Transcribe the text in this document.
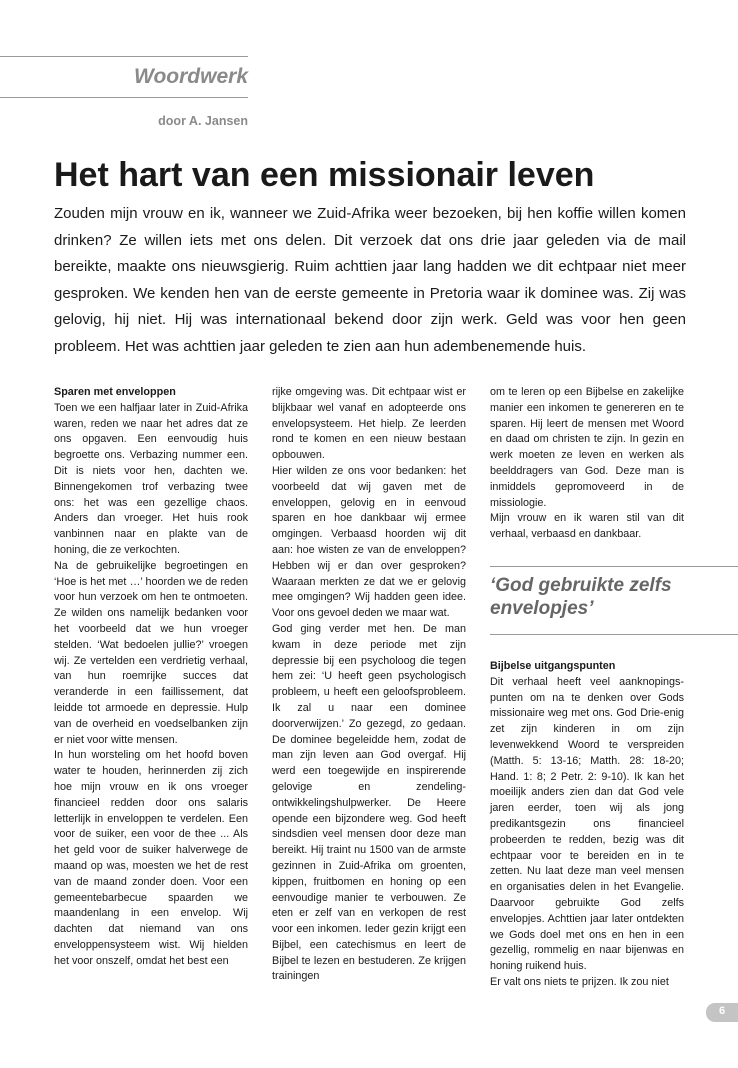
Woordwerk
door A. Jansen
Het hart van een missionair leven

Zouden mijn vrouw en ik, wanneer we Zuid-Afrika weer bezoeken, bij hen koffie willen komen drinken? Ze willen iets met ons delen. Dit verzoek dat ons drie jaar geleden via de mail bereikte, maakte ons nieuwsgierig. Ruim achttien jaar lang hadden we dit echtpaar niet meer gesproken. We kenden hen van de eerste gemeente in Pretoria waar ik dominee was. Zij was gelovig, hij niet. Hij was internationaal bekend door zijn werk. Geld was voor hen geen probleem. Het was achttien jaar geleden te zien aan hun adembenemende huis.

Sparen met enveloppen

Toen we een halfjaar later in Zuid-Afrika waren, reden we naar het adres dat ze ons opgaven. Een eenvoudig huis begroette ons. Verbazing nummer een. Dit is niets voor hen, dachten we. Binnengekomen trof verbazing twee ons: het was een gezellige chaos. Anders dan vroeger. Het huis rook vanbinnen naar en plakte van de honing, die ze verkochten.

Na de gebruikelijke begroetingen en ‘Hoe is het met …’ hoorden we de reden voor hun verzoek om hen te ontmoeten. Ze wilden ons namelijk bedanken voor het voorbeeld dat we hun vroeger stelden. ‘Wat bedoelen jullie?’ vroegen wij. Ze vertelden een verdrietig verhaal, van hun roemrijke succes dat veranderde in een faillissement, dat leidde tot armoede en depressie. Hulp van de overheid en voedselbanken zijn er niet voor witte mensen.

In hun worsteling om het hoofd boven water te houden, herinnerden zij zich hoe mijn vrouw en ik ons vroeger financieel redden door ons salaris letterlijk in enveloppen te verdelen. Een voor de suiker, een voor de thee ... Als het geld voor de suiker halverwege de maand op was, moesten we het de rest van de maand zonder doen. Voor een gemeentebarbecue spaarden we maandenlang in een envelop. Wij dachten dat niemand van ons enveloppensysteem wist. Wij hielden het voor onszelf, omdat het best een

rijke omgeving was. Dit echtpaar wist er blijkbaar wel vanaf en adopteerde ons envelopsysteem. Het hielp. Ze leerden rond te komen en een nieuw bestaan opbouwen.

Hier wilden ze ons voor bedanken: het voorbeeld dat wij gaven met de enveloppen, gelovig en in eenvoud sparen en hoe dankbaar wij ermee omgingen. Verbaasd hoorden wij dit aan: hoe wisten ze van de enveloppen? Hebben wij er dan over gesproken? Waaraan merkten ze dat we er gelovig mee omgingen? Wij hadden geen idee. Voor ons gevoel deden we maar wat.

God ging verder met hen. De man kwam in deze periode met zijn depressie bij een psycholoog die tegen hem zei: ‘U heeft geen psychologisch probleem, u heeft een geloofsprobleem. Ik zal u naar een dominee doorverwijzen.’ Zo gezegd, zo gedaan. De dominee begeleidde hem, zodat de man zijn leven aan God overgaf. Hij werd een toegewijde en inspirerende gelovige en zendeling-ontwikkelingshulpwerker. De Heere opende een bijzondere weg. God heeft sindsdien veel mensen door deze man bereikt. Hij traint nu 1500 van de armste gezinnen in Zuid-Afrika om groenten, kippen, fruitbomen en honing op een eenvoudige manier te verbouwen. Ze eten er zelf van en verkopen de rest voor een inkomen. Ieder gezin krijgt een Bijbel, een catechismus en leert de Bijbel te lezen en bestuderen. Ze krijgen trainingen

om te leren op een Bijbelse en zakelijke manier een inkomen te genereren en te sparen. Hij leert de mensen met Woord en daad om christen te zijn. In gezin en werk moeten ze leven en werken als beelddragers van God. Deze man is inmiddels gepromoveerd in de missiologie.

Mijn vrouw en ik waren stil van dit verhaal, verbaasd en dankbaar.

‘God gebruikte zelfs envelopjes’

Bijbelse uitgangspunten

Dit verhaal heeft veel aanknopings-punten om na te denken over Gods missionaire weg met ons. God Drie-enig zet zijn kinderen in om zijn levenwekkend Woord te verspreiden (Matth. 5: 13-16; Matth. 28: 18-20; Hand. 1: 8; 2 Petr. 2: 9-10). Ik kan het moeilijk anders zien dan dat God vele jaren eerder, toen wij als jong predikantsgezin ons financieel probeerden te redden, bezig was dit echtpaar voor te bereiden en in te zetten. Nu laat deze man veel mensen en organisaties delen in het Evangelie. Daarvoor gebruikte God zelfs envelopjes. Achttien jaar later ontdekten we Gods doel met ons en hen in een gezellig, rommelig en naar bijenwas en honing ruikend huis.

Er valt ons niets te prijzen. Ik zou niet

6
